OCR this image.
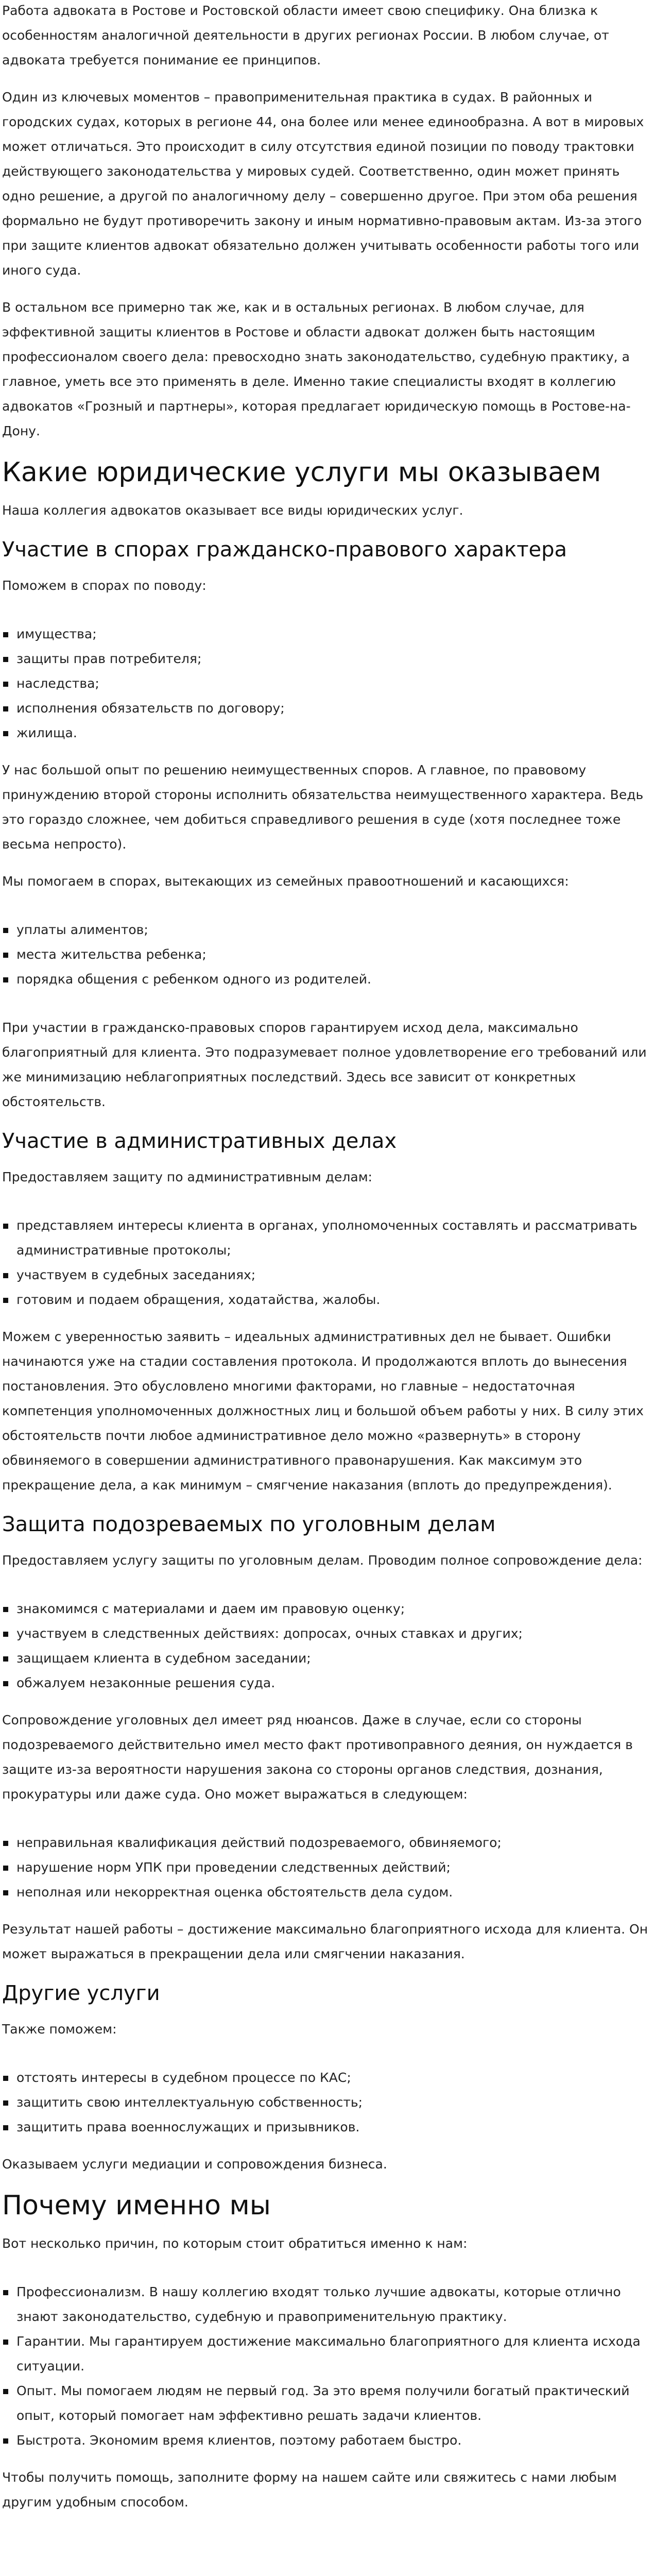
Работа адвоката в Ростове и Ростовской области имеет свою специфику. Она близка к особенностям аналогичной деятельности в других регионах России. В любом случае, от адвоката требуется понимание ее принципов.

Один из ключевых моментов – правоприменительная практика в судах. В районных и городских судах, которых в регионе 44, она более или менее единообразна. А вот в мировых может отличаться. Это происходит в силу отсутствия единой позиции по поводу трактовки действующего законодательства у мировых судей. Соответственно, один может принять одно решение, а другой по аналогичному делу – совершенно другое. При этом оба решения формально не будут противоречить закону и иным нормативно-правовым актам. Из-за этого при защите клиентов адвокат обязательно должен учитывать особенности работы того или иного суда.

В остальном все примерно так же, как и в остальных регионах. В любом случае, для эффективной защиты клиентов в Ростове и области адвокат должен быть настоящим профессионалом своего дела: превосходно знать законодательство, судебную практику, а главное, уметь все это применять в деле. Именно такие специалисты входят в коллегию адвокатов «Грозный и партнеры», которая предлагает юридическую помощь в Ростове-на-Дону.

Какие юридические услуги мы оказываем

Наша коллегия адвокатов оказывает все виды юридических услуг.

Участие в спорах гражданско-правового характера

Поможем в спорах по поводу:

имущества;
защиты прав потребителя;
наследства;
исполнения обязательств по договору;
жилища.

У нас большой опыт по решению неимущественных споров. А главное, по правовому принуждению второй стороны исполнить обязательства неимущественного характера. Ведь это гораздо сложнее, чем добиться справедливого решения в суде (хотя последнее тоже весьма непросто).

Мы помогаем в спорах, вытекающих из семейных правоотношений и касающихся:

уплаты алиментов;
места жительства ребенка;
порядка общения с ребенком одного из родителей.

При участии в гражданско-правовых споров гарантируем исход дела, максимально благоприятный для клиента. Это подразумевает полное удовлетворение его требований или же минимизацию неблагоприятных последствий. Здесь все зависит от конкретных обстоятельств.

Участие в административных делах

Предоставляем защиту по административным делам:

представляем интересы клиента в органах, уполномоченных составлять и рассматривать административные протоколы;
участвуем в судебных заседаниях;
готовим и подаем обращения, ходатайства, жалобы.

Можем с уверенностью заявить – идеальных административных дел не бывает. Ошибки начинаются уже на стадии составления протокола. И продолжаются вплоть до вынесения постановления. Это обусловлено многими факторами, но главные – недостаточная компетенция уполномоченных должностных лиц и большой объем работы у них. В силу этих обстоятельств почти любое административное дело можно «развернуть» в сторону обвиняемого в совершении административного правонарушения. Как максимум это прекращение дела, а как минимум – смягчение наказания (вплоть до предупреждения).

Защита подозреваемых по уголовным делам

Предоставляем услугу защиты по уголовным делам. Проводим полное сопровождение дела:

знакомимся с материалами и даем им правовую оценку;
участвуем в следственных действиях: допросах, очных ставках и других;
защищаем клиента в судебном заседании;
обжалуем незаконные решения суда.

Сопровождение уголовных дел имеет ряд нюансов. Даже в случае, если со стороны подозреваемого действительно имел место факт противоправного деяния, он нуждается в защите из-за вероятности нарушения закона со стороны органов следствия, дознания, прокуратуры или даже суда. Оно может выражаться в следующем:

неправильная квалификация действий подозреваемого, обвиняемого;
нарушение норм УПК при проведении следственных действий;
неполная или некорректная оценка обстоятельств дела судом.

Результат нашей работы – достижение максимально благоприятного исхода для клиента. Он может выражаться в прекращении дела или смягчении наказания.

Другие услуги

Также поможем:

отстоять интересы в судебном процессе по КАС;
защитить свою интеллектуальную собственность;
защитить права военнослужащих и призывников.

Оказываем услуги медиации и сопровождения бизнеса.

Почему именно мы

Вот несколько причин, по которым стоит обратиться именно к нам:

Профессионализм. В нашу коллегию входят только лучшие адвокаты, которые отлично знают законодательство, судебную и правоприменительную практику.
Гарантии. Мы гарантируем достижение максимально благоприятного для клиента исхода ситуации.
Опыт. Мы помогаем людям не первый год. За это время получили богатый практический опыт, который помогает нам эффективно решать задачи клиентов.
Быстрота. Экономим время клиентов, поэтому работаем быстро.

Чтобы получить помощь, заполните форму на нашем сайте или свяжитесь с нами любым другим удобным способом.
